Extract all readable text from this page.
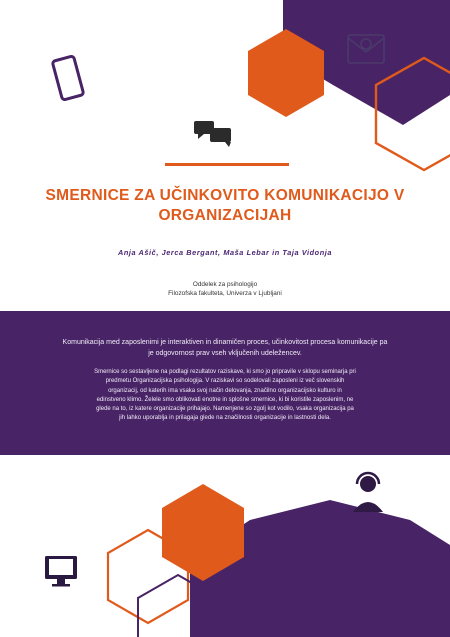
SMERNICE ZA UČINKOVITO KOMUNIKACIJO V
ORGANIZACIJAH
Anja Ašič, Jerca Bergant, Maša Lebar in Taja Vidonja
Oddelek za psihologijo
Filozofska fakulteta, Univerza v Ljubljani
Komunikacija med zaposlenimi je interaktiven in dinamičen proces, učinkovitost procesa komunikacije pa je odgovornost prav vseh vključenih udeležencev.
Smernice so sestavljene na podlagi rezultatov raziskave, ki smo jo pripravile v sklopu seminarja pri
predmetu Organizacijska psihologija. V raziskavi so sodelovali zaposleni iz več slovenskih
organizacij, od katerih ima vsaka svoj način delovanja, značilno organizacijsko kulturo in
edinstveno klimo. Želele smo oblikovati enotne in splošne smernice, ki bi koristile zaposlenim, ne
glede na to, iz katere organizacije prihajajo. Namenjene so zgolj kot vodilo, vsaka organizacija pa
jih lahko uporablja in prilagaja glede na značilnosti organizacije in lastnosti dela.
